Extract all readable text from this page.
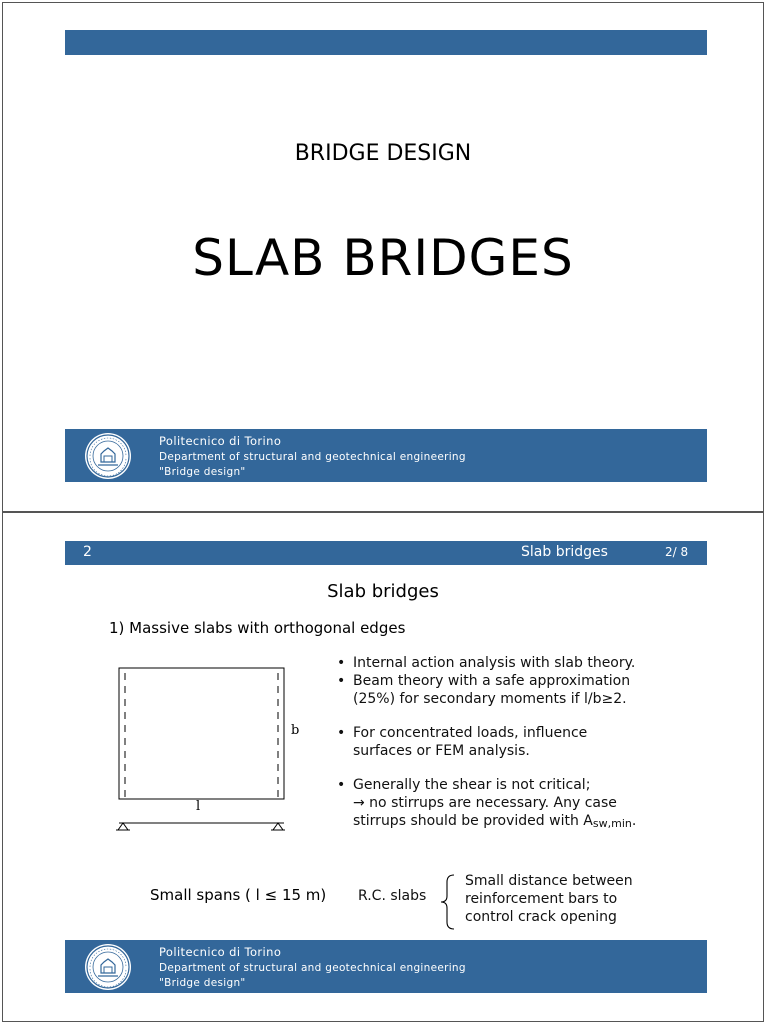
BRIDGE DESIGN
SLAB BRIDGES
Politecnico di Torino
Department of structural and geotechnical engineering
"Bridge design"
2	Slab bridges	2/ 8
Slab bridges
1) Massive slabs with orthogonal edges
b
l
• Internal action analysis with slab theory.
• Beam theory with a safe approximation
(25%) for secondary moments if l/b≥2.
• For concentrated loads, influence
surfaces or FEM analysis.
• Generally the shear is not critical;
→ no stirrups are necessary. Any case
stirrups should be provided with Asw,min.
Small spans ( l ≤ 15 m) R.C. slabs
Small distance between
reinforcement bars to
control crack opening
Politecnico di Torino
Department of structural and geotechnical engineering
"Bridge design"
